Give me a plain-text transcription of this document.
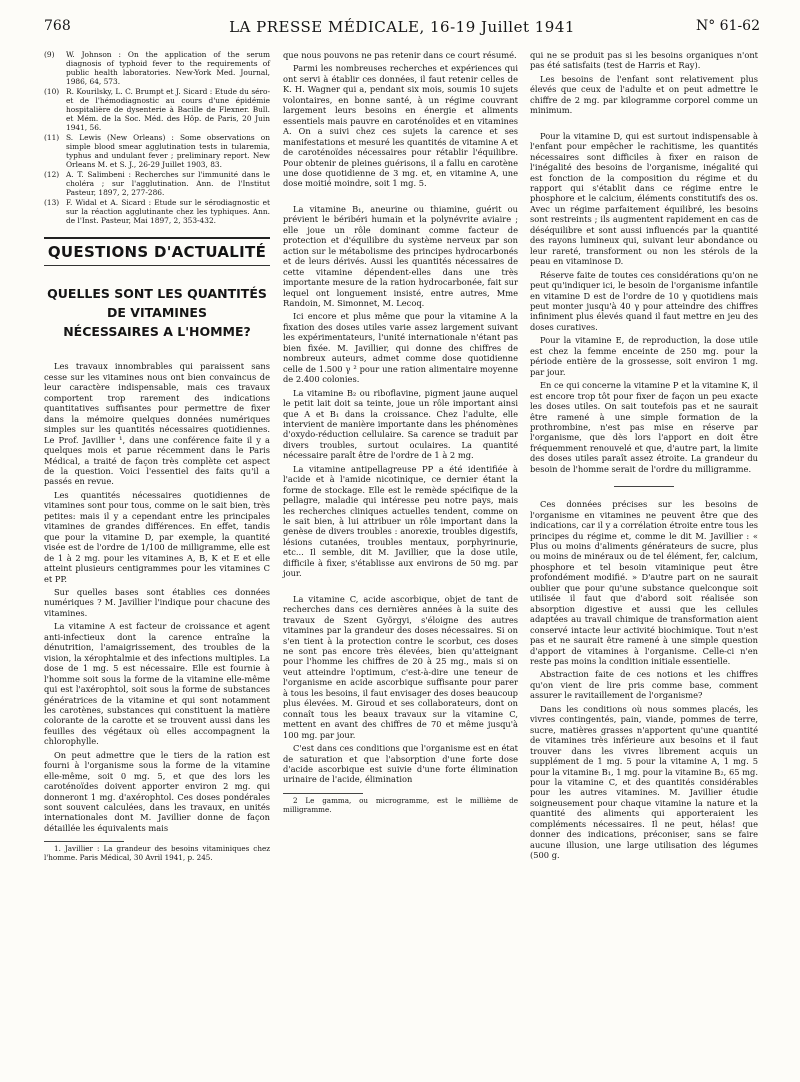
768	LA PRESSE MÉDICALE, 16-19 Juillet 1941	N° 61-62
(9) W. Johnson : On the application of the serum diagnosis of typhoid fever to the requirements of public health laboratories. New-York Med. Journal, 1986, 64, 573.
(10) R. Kourilsky, L. C. Brumpt et J. Sicard : Etude du séro- et de l'hémodiagnostic au cours d'une épidémie hospitalière de dysenterie à Bacille de Flexner. Bull. et Mém. de la Soc. Méd. des Hôp. de Paris, 20 Juin 1941, 56.
(11) S. Lewis (New Orleans) : Some observations on simple blood smear agglutination tests in tularemia, typhus and undulant fever ; preliminary report. New Orleans M. et S. J., 26-29 Juillet 1903, 83.
(12) A. T. Salimbeni : Recherches sur l'immunité dans le choléra ; sur l'agglutination. Ann. de l'Institut Pasteur, 1897, 2, 277-286.
(13) F. Widal et A. Sicard : Etude sur le sérodiagnostic et sur la réaction agglutinante chez les typhiques. Ann. de l'Inst. Pasteur, Mai 1897, 2, 353-432.
QUESTIONS D'ACTUALITÉ
QUELLES SONT LES QUANTITÉS
DE VITAMINES
NÉCESSAIRES A L'HOMME?

Les travaux innombrables qui paraissent sans cesse sur les vitamines nous ont bien convaincus de leur caractère indispensable, mais ces travaux comportent trop rarement des indications quantitatives suffisantes pour permettre de fixer dans la mémoire quelques données numériques simples sur les quantités nécessaires quotidiennes. Le Prof. Javillier ¹, dans une conférence faite il y a quelques mois et parue récemment dans le Paris Médical, a traité de façon très complète cet aspect de la question. Voici l'essentiel des faits qu'il a passés en revue.

Les quantités nécessaires quotidiennes de vitamines sont pour tous, comme on le sait bien, très petites: mais il y a cependant entre les principales vitamines de grandes différences. En effet, tandis que pour la vitamine D, par exemple, la quantité visée est de l'ordre de 1/100 de milligramme, elle est de 1 à 2 mg. pour les vitamines A, B, K et E et elle atteint plusieurs centigrammes pour les vitamines C et PP.

Sur quelles bases sont établies ces données numériques ? M. Javillier l'indique pour chacune des vitamines.

La vitamine A est facteur de croissance et agent anti-infectieux dont la carence entraîne la dénutrition, l'amaigrissement, des troubles de la vision, la xérophtalmie et des infections multiples. La dose de 1 mg. 5 est nécessaire. Elle est fournie à l'homme soit sous la forme de la vitamine elle-même qui est l'axérophtol, soit sous la forme de substances génératrices de la vitamine et qui sont notamment les carotènes, substances qui constituent la matière colorante de la carotte et se trouvent aussi dans les feuilles des végétaux où elles accompagnent la chlorophylle.

On peut admettre que le tiers de la ration est fourni à l'organisme sous la forme de la vitamine elle-même, soit 0 mg. 5, et que des lors les caroténoïdes doivent apporter environ 2 mg. qui donneront 1 mg. d'axérophtol. Ces doses pondérales sont souvent calculées, dans les travaux, en unités internationales dont M. Javillier donne de façon détaillée les équivalents mais

1. Javillier : La grandeur des besoins vitaminiques chez l'homme. Paris Médical, 30 Avril 1941, p. 245.

que nous pouvons ne pas retenir dans ce court résumé.

Parmi les nombreuses recherches et expériences qui ont servi à établir ces données, il faut retenir celles de K. H. Wagner qui a, pendant six mois, soumis 10 sujets volontaires, en bonne santé, à un régime couvrant largement leurs besoins en énergie et aliments essentiels mais pauvre en caroténoïdes et en vitamines A. On a suivi chez ces sujets la carence et ses manifestations et mesuré les quantités de vitamine A et de caroténoïdes nécessaires pour rétablir l'équilibre. Pour obtenir de pleines guérisons, il a fallu en carotène une dose quotidienne de 3 mg. et, en vitamine A, une dose moitié moindre, soit 1 mg. 5.

La vitamine B₁, aneurine ou thiamine, guérit ou prévient le béribéri humain et la polynévrite aviaire ; elle joue un rôle dominant comme facteur de protection et d'équilibre du système nerveux par son action sur le métabolisme des principes hydrocarbonés et de leurs dérivés. Aussi les quantités nécessaires de cette vitamine dépendent-elles dans une très importante mesure de la ration hydrocarbonée, fait sur lequel ont longuement insisté, entre autres, Mme Randoin, M. Simonnet, M. Lecoq.

Ici encore et plus même que pour la vitamine A la fixation des doses utiles varie assez largement suivant les expérimentateurs, l'unité internationale n'étant pas bien fixée. M. Javillier, qui donne des chiffres de nombreux auteurs, admet comme dose quotidienne celle de 1.500 γ ² pour une ration alimentaire moyenne de 2.400 colonies.

La vitamine B₂ ou riboflavine, pigment jaune auquel le petit lait doit sa teinte, joue un rôle important ainsi que A et B₁ dans la croissance. Chez l'adulte, elle intervient de manière importante dans les phénomènes d'oxydo-réduction cellulaire. Sa carence se traduit par divers troubles, surtout oculaires. La quantité nécessaire paraît être de l'ordre de 1 à 2 mg.

La vitamine antipellagreuse PP a été identifiée à l'acide et à l'amide nicotinique, ce dernier étant la forme de stockage. Elle est le remède spécifique de la pellagre, maladie qui intéresse peu notre pays, mais les recherches cliniques actuelles tendent, comme on le sait bien, à lui attribuer un rôle important dans la genèse de divers troubles : anorexie, troubles digestifs, lésions cutanées, troubles mentaux, porphyrinurie, etc... Il semble, dit M. Javillier, que la dose utile, difficile à fixer, s'établisse aux environs de 50 mg. par jour.

La vitamine C, acide ascorbique, objet de tant de recherches dans ces dernières années à la suite des travaux de Szent Györgyi, s'éloigne des autres vitamines par la grandeur des doses nécessaires. Si on s'en tient à la protection contre le scorbut, ces doses ne sont pas encore très élevées, bien qu'atteignant pour l'homme les chiffres de 20 à 25 mg., mais si on veut atteindre l'optimum, c'est-à-dire une teneur de l'organisme en acide ascorbique suffisante pour parer à tous les besoins, il faut envisager des doses beaucoup plus élevées. M. Giroud et ses collaborateurs, dont on connaît tous les beaux travaux sur la vitamine C, mettent en avant des chiffres de 70 et même jusqu'à 100 mg. par jour.

C'est dans ces conditions que l'organisme est en état de saturation et que l'absorption d'une forte dose d'acide ascorbique est suivie d'une forte élimination urinaire de l'acide, élimination

2 Le gamma, ou microgramme, est le millième de milligramme.

qui ne se produit pas si les besoins organiques n'ont pas été satisfaits (test de Harris et Ray).

Les besoins de l'enfant sont relativement plus élevés que ceux de l'adulte et on peut admettre le chiffre de 2 mg. par kilogramme corporel comme un minimum.

Pour la vitamine D, qui est surtout indispensable à l'enfant pour empêcher le rachitisme, les quantités nécessaires sont difficiles à fixer en raison de l'inégalité des besoins de l'organisme, inégalité qui est fonction de la composition du régime et du rapport qui s'établit dans ce régime entre le phosphore et le calcium, éléments constitutifs des os. Avec un régime parfaitement équilibré, les besoins sont restreints ; ils augmentent rapidement en cas de déséquilibre et sont aussi influencés par la quantité des rayons lumineux qui, suivant leur abondance ou leur rareté, transforment ou non les stérols de la peau en vitaminose D.

Réserve faite de toutes ces considérations qu'on ne peut qu'indiquer ici, le besoin de l'organisme infantile en vitamine D est de l'ordre de 10 γ quotidiens mais peut monter jusqu'à 40 γ pour atteindre des chiffres infiniment plus élevés quand il faut mettre en jeu des doses curatives.

Pour la vitamine E, de reproduction, la dose utile est chez la femme enceinte de 250 mg. pour la période entière de la grossesse, soit environ 1 mg. par jour.

En ce qui concerne la vitamine P et la vitamine K, il est encore trop tôt pour fixer de façon un peu exacte les doses utiles. On sait toutefois pas et ne saurait être ramené à une simple formation de la prothrombine, n'est pas mise en réserve par l'organisme, que dès lors l'apport en doit être fréquemment renouvelé et que, d'autre part, la limite des doses utiles paraît assez étroite. La grandeur du besoin de l'homme serait de l'ordre du milligramme.

Ces données précises sur les besoins de l'organisme en vitamines ne peuvent être que des indications, car il y a corrélation étroite entre tous les principes du régime et, comme le dit M. Javillier : « Plus ou moins d'aliments générateurs de sucre, plus ou moins de minéraux ou de tel élément, fer, calcium, phosphore et tel besoin vitaminique peut être profondément modifié. » D'autre part on ne saurait oublier que pour qu'une substance quelconque soit utilisée il faut que d'abord soit réalisée son absorption digestive et aussi que les cellules adaptées au travail chimique de transformation aient conservé intacte leur activité biochimique. Tout n'est pas et ne saurait être ramené à une simple question d'apport de vitamines à l'organisme. Celle-ci n'en reste pas moins la condition initiale essentielle.

Abstraction faite de ces notions et les chiffres qu'on vient de lire pris comme base, comment assurer le ravitaillement de l'organisme?

Dans les conditions où nous sommes placés, les vivres contingentés, pain, viande, pommes de terre, sucre, matières grasses n'apportent qu'une quantité de vitamines très inférieure aux besoins et il faut trouver dans les vivres librement acquis un supplément de 1 mg. 5 pour la vitamine A, 1 mg. 5 pour la vitamine B₁, 1 mg. pour la vitamine B₂, 65 mg. pour la vitamine C, et des quantités considérables pour les autres vitamines. M. Javillier étudie soigneusement pour chaque vitamine la nature et la quantité des aliments qui apporteraient les compléments nécessaires. Il ne peut, hélas! que donner des indications, préconiser, sans se faire aucune illusion, une large utilisation des légumes (500 g.
